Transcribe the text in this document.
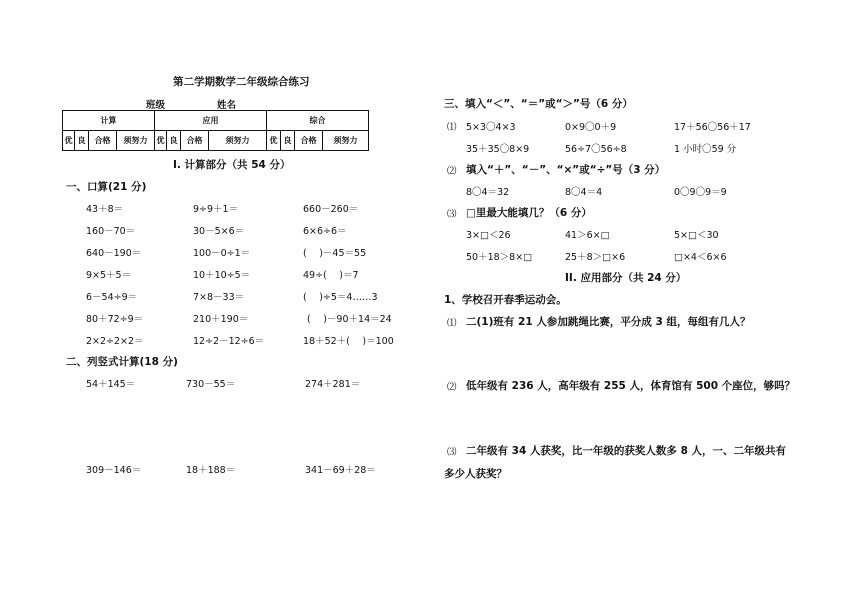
第二学期数学二年级综合练习
班级	姓名
计算				应用				综合			
优	良	合格	须努力	优	良	合格	须努力	优	良	合格	须努力
I. 计算部分（共 54 分）
一、口算(21 分)
43＋8＝	9÷9＋1＝	660－260＝
160－70＝	30－5×6＝	6×6÷6＝
640－190＝	100－0÷1＝	(　 )－45＝55
9×5＋5＝	10＋10÷5＝	49÷(　 )＝7
6－54÷9＝	7×8－33＝	(　 )÷5＝4……3
80＋72÷9＝	210＋190＝	(　 )－90＋14＝24
2×2÷2×2＝	12÷2－12÷6＝	18＋52＋(　 )＝100
二、列竖式计算(18 分)
54＋145＝	730－55＝	274＋281＝
309－146＝	18＋188＝	341－69＋28＝
三、填入“＜”、“＝”或“＞”号（6 分）
⑴ 5×3〇4×3	0×9〇0＋9	17＋56〇56＋17
35＋35〇8×9	56÷7〇56÷8	1 小时〇59 分
⑵ 填入“＋”、“－”、“×”或“÷”号（3 分）
8〇4＝32	8〇4＝4	0〇9〇9＝9
⑶ □里最大能填几？（6 分）
3×□＜26	41＞6×□	5×□＜30
50＋18＞8×□	25＋8＞□×6	□×4＜6×6
II. 应用部分（共 24 分）
1、学校召开春季运动会。
⑴ 二(1)班有 21 人参加跳绳比赛，平分成 3 组，每组有几人？
⑵ 低年级有 236 人，高年级有 255 人，体育馆有 500 个座位，够吗？
⑶ 二年级有 34 人获奖，比一年级的获奖人数多 8 人，一、二年级共有
多少人获奖？
